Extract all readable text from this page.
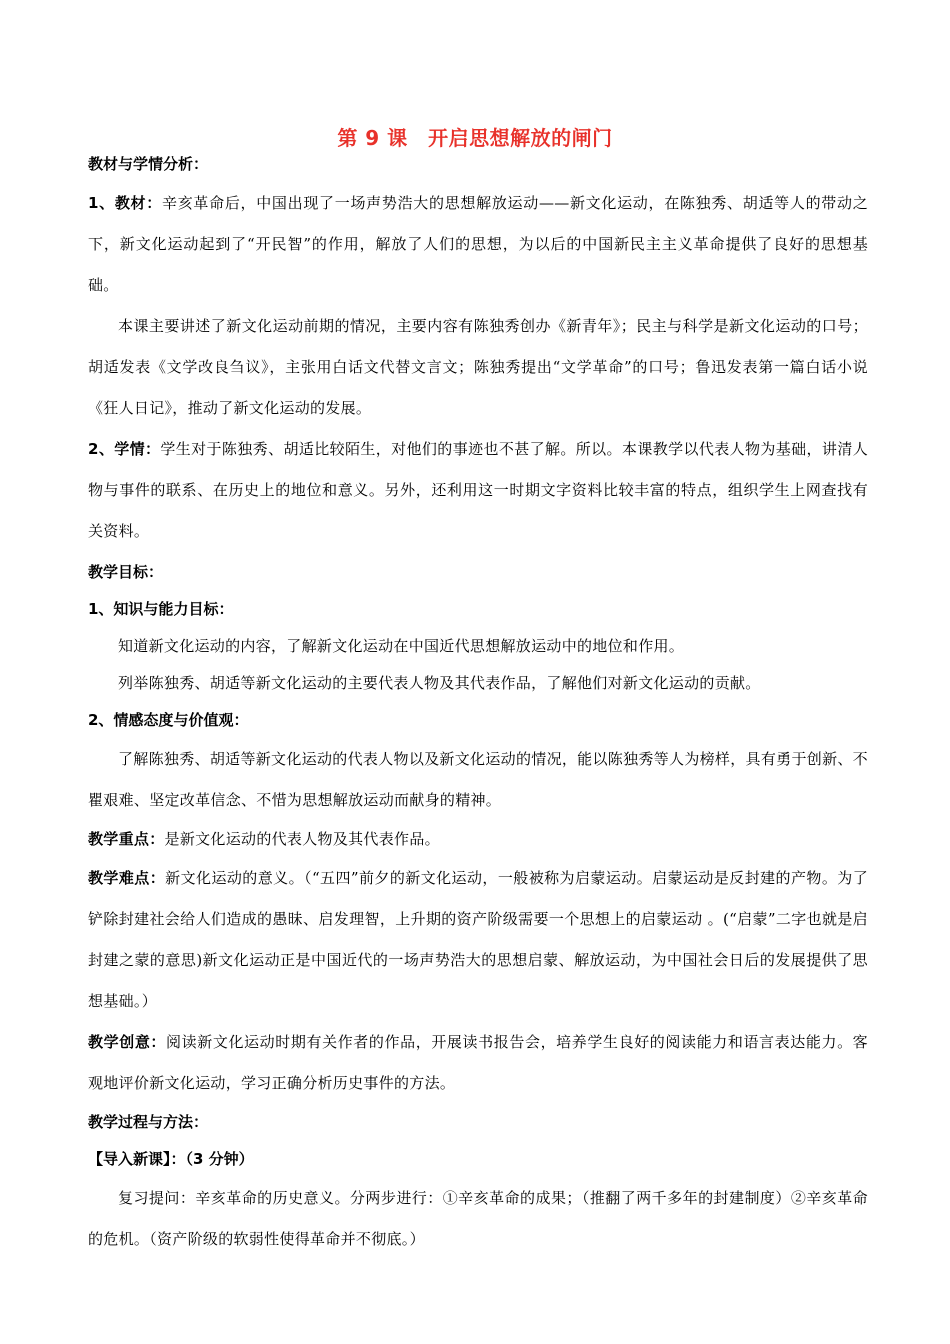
第 9 课　开启思想解放的闸门

教材与学情分析：

1、教材：辛亥革命后，中国出现了一场声势浩大的思想解放运动——新文化运动，在陈独秀、胡适等人的带动之下，新文化运动起到了“开民智”的作用，解放了人们的思想，为以后的中国新民主主义革命提供了良好的思想基础。

本课主要讲述了新文化运动前期的情况，主要内容有陈独秀创办《新青年》；民主与科学是新文化运动的口号；胡适发表《文学改良刍议》，主张用白话文代替文言文；陈独秀提出“文学革命”的口号；鲁迅发表第一篇白话小说《狂人日记》，推动了新文化运动的发展。

2、学情：学生对于陈独秀、胡适比较陌生，对他们的事迹也不甚了解。所以。本课教学以代表人物为基础，讲清人物与事件的联系、在历史上的地位和意义。另外，还利用这一时期文字资料比较丰富的特点，组织学生上网查找有关资料。

教学目标：

1、知识与能力目标：

知道新文化运动的内容，了解新文化运动在中国近代思想解放运动中的地位和作用。

列举陈独秀、胡适等新文化运动的主要代表人物及其代表作品，了解他们对新文化运动的贡献。

2、情感态度与价值观：

了解陈独秀、胡适等新文化运动的代表人物以及新文化运动的情况，能以陈独秀等人为榜样，具有勇于创新、不瞿艰难、坚定改革信念、不惜为思想解放运动而献身的精神。

教学重点：是新文化运动的代表人物及其代表作品。

教学难点：新文化运动的意义。（“五四”前夕的新文化运动，一般被称为启蒙运动。启蒙运动是反封建的产物。为了铲除封建社会给人们造成的愚昧、启发理智，上升期的资产阶级需要一个思想上的启蒙运动 。(“启蒙”二字也就是启封建之蒙的意思)新文化运动正是中国近代的一场声势浩大的思想启蒙、解放运动，为中国社会日后的发展提供了思想基础。）

教学创意：阅读新文化运动时期有关作者的作品，开展读书报告会，培养学生良好的阅读能力和语言表达能力。客观地评价新文化运动，学习正确分析历史事件的方法。

教学过程与方法：

【导入新课】：（3 分钟）

复习提问：辛亥革命的历史意义。分两步进行：①辛亥革命的成果；（推翻了两千多年的封建制度）②辛亥革命的危机。（资产阶级的软弱性使得革命并不彻底。）
